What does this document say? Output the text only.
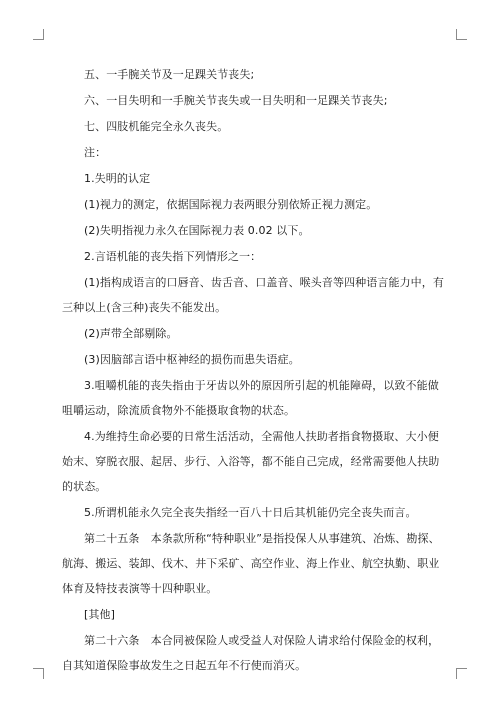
五、一手腕关节及一足踝关节丧失;

六、一目失明和一手腕关节丧失或一目失明和一足踝关节丧失;

七、四肢机能完全永久丧失。

注：

1.失明的认定

(1)视力的测定，依据国际视力表两眼分别依矫正视力测定。

(2)失明指视力永久在国际视力表 0.02 以下。

2.言语机能的丧失指下列情形之一：

(1)指构成语言的口唇音、齿舌音、口盖音、喉头音等四种语言能力中，有三种以上(含三种)丧失不能发出。

(2)声带全部剔除。

(3)因脑部言语中枢神经的损伤而患失语症。

3.咀嚼机能的丧失指由于牙齿以外的原因所引起的机能障碍，以致不能做咀嚼运动，除流质食物外不能摄取食物的状态。

4.为维持生命必要的日常生活活动，全需他人扶助者指食物摄取、大小便始末、穿脱衣服、起居、步行、入浴等，都不能自己完成，经常需要他人扶助的状态。

5.所谓机能永久完全丧失指经一百八十日后其机能仍完全丧失而言。

第二十五条　本条款所称“特种职业”是指投保人从事建筑、冶炼、勘探、航海、搬运、装卸、伐木、井下采矿、高空作业、海上作业、航空执勤、职业体育及特技表演等十四种职业。

[其他]

第二十六条　本合同被保险人或受益人对保险人请求给付保险金的权利，自其知道保险事故发生之日起五年不行使而消灭。
